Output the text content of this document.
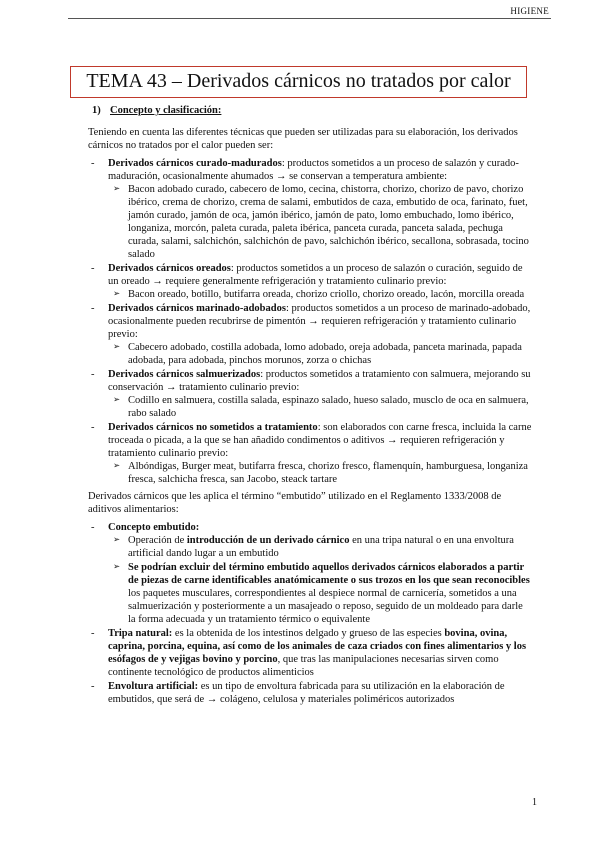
HIGIENE
TEMA 43 – Derivados cárnicos no tratados por calor
1) Concepto y clasificación:

Teniendo en cuenta las diferentes técnicas que pueden ser utilizadas para su elaboración, los derivados cárnicos no tratados por el calor pueden ser:

- Derivados cárnicos curado-madurados: productos sometidos a un proceso de salazón y curado-maduración, ocasionalmente ahumados → se conservan a temperatura ambiente:
➢ Bacon adobado curado, cabecero de lomo, cecina, chistorra, chorizo, chorizo de pavo, chorizo ibérico, crema de chorizo, crema de salami, embutidos de caza, embutido de oca, farinato, fuet, jamón curado, jamón de oca, jamón ibérico, jamón de pato, lomo embuchado, lomo ibérico, longaniza, morcón, paleta curada, paleta ibérica, panceta curada, panceta salada, pechuga curada, salami, salchichón, salchichón de pavo, salchichón ibérico, secallona, sobrasada, tocino salado
- Derivados cárnicos oreados: productos sometidos a un proceso de salazón o curación, seguido de un oreado → requiere generalmente refrigeración y tratamiento culinario previo:
➢ Bacon oreado, botillo, butifarra oreada, chorizo criollo, chorizo oreado, lacón, morcilla oreada
- Derivados cárnicos marinado-adobados: productos sometidos a un proceso de marinado-adobado, ocasionalmente pueden recubrirse de pimentón → requieren refrigeración y tratamiento culinario previo:
➢ Cabecero adobado, costilla adobada, lomo adobado, oreja adobada, panceta marinada, papada adobada, para adobada, pinchos morunos, zorza o chichas
- Derivados cárnicos salmuerizados: productos sometidos a tratamiento con salmuera, mejorando su conservación → tratamiento culinario previo:
➢ Codillo en salmuera, costilla salada, espinazo salado, hueso salado, musclo de oca en salmuera, rabo salado
- Derivados cárnicos no sometidos a tratamiento: son elaborados con carne fresca, incluida la carne troceada o picada, a la que se han añadido condimentos o aditivos → requieren refrigeración y tratamiento culinario previo:
➢ Albóndigas, Burger meat, butifarra fresca, chorizo fresco, flamenquín, hamburguesa, longaniza fresca, salchicha fresca, san Jacobo, steack tartare

Derivados cárnicos que les aplica el término “embutido” utilizado en el Reglamento 1333/2008 de aditivos alimentarios:

- Concepto embutido:
➢ Operación de introducción de un derivado cárnico en una tripa natural o en una envoltura artificial dando lugar a un embutido
➢ Se podrían excluir del término embutido aquellos derivados cárnicos elaborados a partir de piezas de carne identificables anatómicamente o sus trozos en los que sean reconocibles los paquetes musculares, correspondientes al despiece normal de carnicería, sometidos a una salmuerización y posteriormente a un masajeado o reposo, seguido de un moldeado para darle la forma adecuada y un tratamiento térmico o equivalente
- Tripa natural: es la obtenida de los intestinos delgado y grueso de las especies bovina, ovina, caprina, porcina, equina, así como de los animales de caza criados con fines alimentarios y los esófagos de y vejigas bovino y porcino, que tras las manipulaciones necesarias sirven como continente tecnológico de productos alimenticios
- Envoltura artificial: es un tipo de envoltura fabricada para su utilización en la elaboración de embutidos, que será de → colágeno, celulosa y materiales poliméricos autorizados
1
